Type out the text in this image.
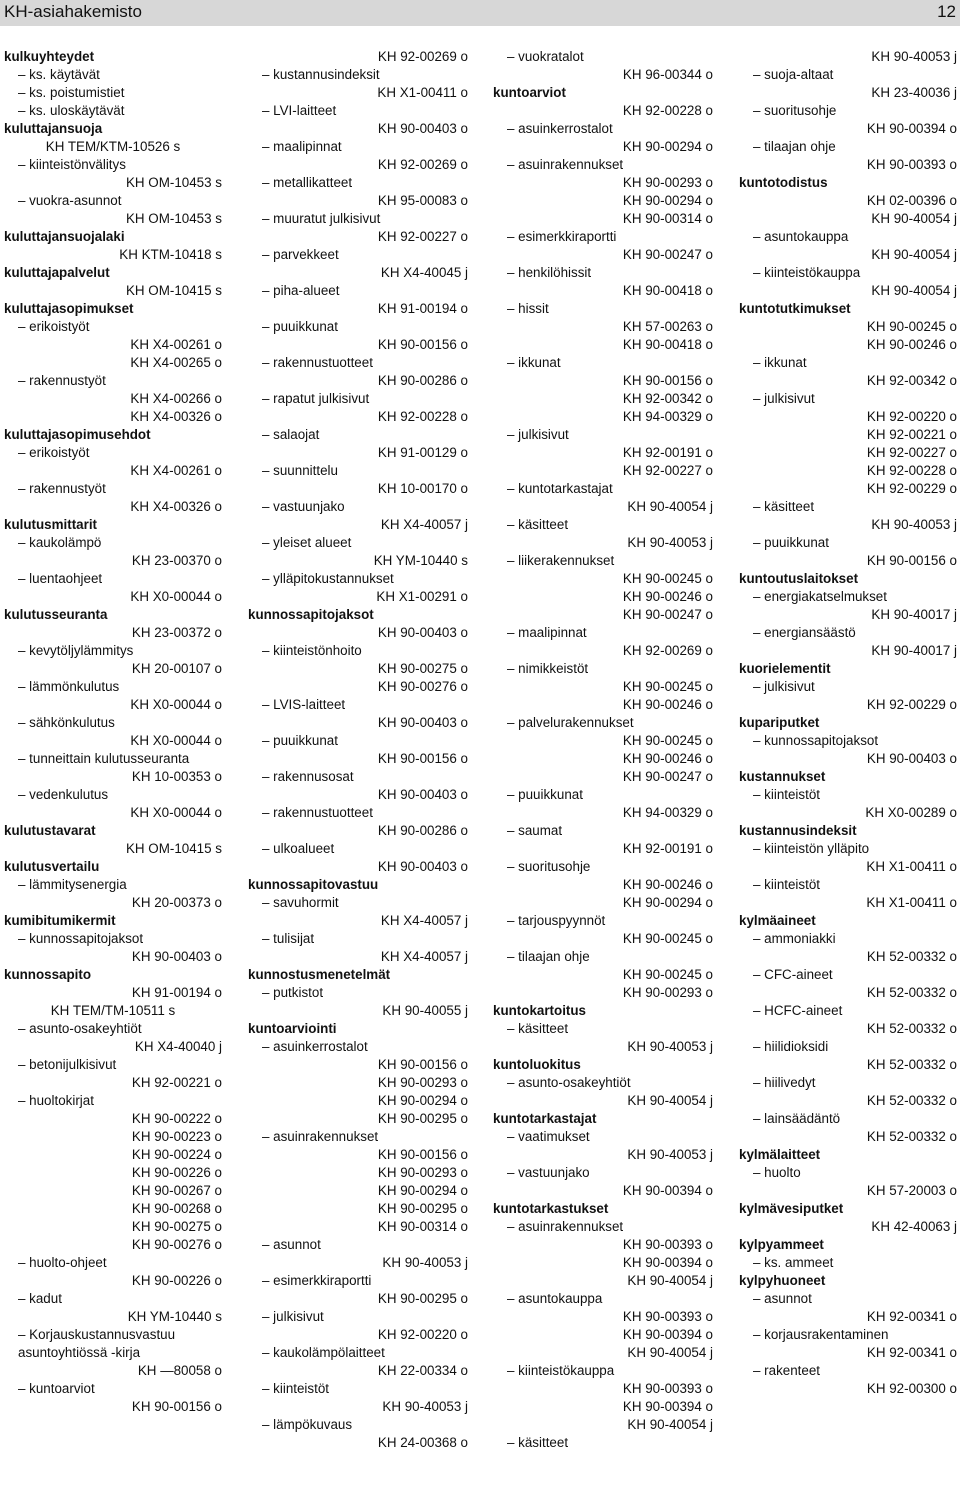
KH-asiahakemisto	12
kulkuyhteydet
– ks. käytävät
– ks. poistumistiet
– ks. uloskäytävät
kuluttajansuoja
KH TEM/KTM-10526 s
– kiinteistönvälitys
KH OM-10453 s
– vuokra-asunnot
KH OM-10453 s
kuluttajansuojalaki
KH KTM-10418 s
kuluttajapalvelut
KH OM-10415 s
kuluttajasopimukset
– erikoistyöt
KH X4-00261 o
KH X4-00265 o
– rakennustyöt
KH X4-00266 o
KH X4-00326 o
kuluttajasopimusehdot
– erikoistyöt
KH X4-00261 o
– rakennustyöt
KH X4-00326 o
kulutusmittarit
– kaukolämpö
KH 23-00370 o
– luentaohjeet
KH X0-00044 o
kulutusseuranta
KH 23-00372 o
– kevytöljylämmitys
KH 20-00107 o
– lämmönkulutus
KH X0-00044 o
– sähkönkulutus
KH X0-00044 o
– tunneittain kulutusseuranta
KH 10-00353 o
– vedenkulutus
KH X0-00044 o
kulutustavarat
KH OM-10415 s
kulutusvertailu
– lämmitysenergia
KH 20-00373 o
kumibitumikermit
– kunnossapitojaksot
KH 90-00403 o
kunnossapito
KH 91-00194 o
KH TEM/TM-10511 s
– asunto-osakeyhtiöt
KH X4-40040 j
– betonijulkisivut
KH 92-00221 o
– huoltokirjat
KH 90-00222 o
KH 90-00223 o
KH 90-00224 o
KH 90-00226 o
KH 90-00267 o
KH 90-00268 o
KH 90-00275 o
KH 90-00276 o
– huolto-ohjeet
KH 90-00226 o
– kadut
KH YM-10440 s
– Korjauskustannusvastuu
asuntoyhtiössä -kirja
KH —80058 o
– kuntoarviot
KH 90-00156 o
KH 92-00269 o
– kustannusindeksit
KH X1-00411 o
– LVI-laitteet
KH 90-00403 o
– maalipinnat
KH 92-00269 o
– metallikatteet
KH 95-00083 o
– muuratut julkisivut
KH 92-00227 o
– parvekkeet
KH X4-40045 j
– piha-alueet
KH 91-00194 o
– puuikkunat
KH 90-00156 o
– rakennustuotteet
KH 90-00286 o
– rapatut julkisivut
KH 92-00228 o
– salaojat
KH 91-00129 o
– suunnittelu
KH 10-00170 o
– vastuunjako
KH X4-40057 j
– yleiset alueet
KH YM-10440 s
– ylläpitokustannukset
KH X1-00291 o
kunnossapitojaksot
KH 90-00403 o
– kiinteistönhoito
KH 90-00275 o
KH 90-00276 o
– LVIS-laitteet
KH 90-00403 o
– puuikkunat
KH 90-00156 o
– rakennusosat
KH 90-00403 o
– rakennustuotteet
KH 90-00286 o
– ulkoalueet
KH 90-00403 o
kunnossapitovastuu
– savuhormit
KH X4-40057 j
– tulisijat
KH X4-40057 j
kunnostusmenetelmät
– putkistot
KH 90-40055 j
kuntoarviointi
– asuinkerrostalot
KH 90-00156 o
KH 90-00293 o
KH 90-00294 o
KH 90-00295 o
– asuinrakennukset
KH 90-00156 o
KH 90-00293 o
KH 90-00294 o
KH 90-00295 o
KH 90-00314 o
– asunnot
KH 90-40053 j
– esimerkkiraportti
KH 90-00295 o
– julkisivut
KH 92-00220 o
– kaukolämpölaitteet
KH 22-00334 o
– kiinteistöt
KH 90-40053 j
– lämpökuvaus
KH 24-00368 o
– vuokratalot
KH 96-00344 o
kuntoarviot
KH 92-00228 o
– asuinkerrostalot
KH 90-00294 o
– asuinrakennukset
KH 90-00293 o
KH 90-00294 o
KH 90-00314 o
– esimerkkiraportti
KH 90-00247 o
– henkilöhissit
KH 90-00418 o
– hissit
KH 57-00263 o
KH 90-00418 o
– ikkunat
KH 90-00156 o
KH 92-00342 o
KH 94-00329 o
– julkisivut
KH 92-00191 o
KH 92-00227 o
– kuntotarkastajat
KH 90-40054 j
– käsitteet
KH 90-40053 j
– liikerakennukset
KH 90-00245 o
KH 90-00246 o
KH 90-00247 o
– maalipinnat
KH 92-00269 o
– nimikkeistöt
KH 90-00245 o
KH 90-00246 o
– palvelurakennukset
KH 90-00245 o
KH 90-00246 o
KH 90-00247 o
– puuikkunat
KH 94-00329 o
– saumat
KH 92-00191 o
– suoritusohje
KH 90-00246 o
KH 90-00294 o
– tarjouspyynnöt
KH 90-00245 o
– tilaajan ohje
KH 90-00245 o
KH 90-00293 o
kuntokartoitus
– käsitteet
KH 90-40053 j
kuntoluokitus
– asunto-osakeyhtiöt
KH 90-40054 j
kuntotarkastajat
– vaatimukset
KH 90-40053 j
– vastuunjako
KH 90-00394 o
kuntotarkastukset
– asuinrakennukset
KH 90-00393 o
KH 90-00394 o
KH 90-40054 j
– asuntokauppa
KH 90-00393 o
KH 90-00394 o
KH 90-40054 j
– kiinteistökauppa
KH 90-00393 o
KH 90-00394 o
KH 90-40054 j
– käsitteet
KH 90-40053 j
– suoja-altaat
KH 23-40036 j
– suoritusohje
KH 90-00394 o
– tilaajan ohje
KH 90-00393 o
kuntotodistus
KH 02-00396 o
KH 90-40054 j
– asuntokauppa
KH 90-40054 j
– kiinteistökauppa
KH 90-40054 j
kuntotutkimukset
KH 90-00245 o
KH 90-00246 o
– ikkunat
KH 92-00342 o
– julkisivut
KH 92-00220 o
KH 92-00221 o
KH 92-00227 o
KH 92-00228 o
KH 92-00229 o
– käsitteet
KH 90-40053 j
– puuikkunat
KH 90-00156 o
kuntoutuslaitokset
– energiakatselmukset
KH 90-40017 j
– energiansäästö
KH 90-40017 j
kuorielementit
– julkisivut
KH 92-00229 o
kupariputket
– kunnossapitojaksot
KH 90-00403 o
kustannukset
– kiinteistöt
KH X0-00289 o
kustannusindeksit
– kiinteistön ylläpito
KH X1-00411 o
– kiinteistöt
KH X1-00411 o
kylmäaineet
– ammoniakki
KH 52-00332 o
– CFC-aineet
KH 52-00332 o
– HCFC-aineet
KH 52-00332 o
– hiilidioksidi
KH 52-00332 o
– hiilivedyt
KH 52-00332 o
– lainsäädäntö
KH 52-00332 o
kylmälaitteet
– huolto
KH 57-20003 o
kylmävesiputket
KH 42-40063 j
kylpyammeet
– ks. ammeet
kylpyhuoneet
– asunnot
KH 92-00341 o
– korjausrakentaminen
KH 92-00341 o
– rakenteet
KH 92-00300 o
